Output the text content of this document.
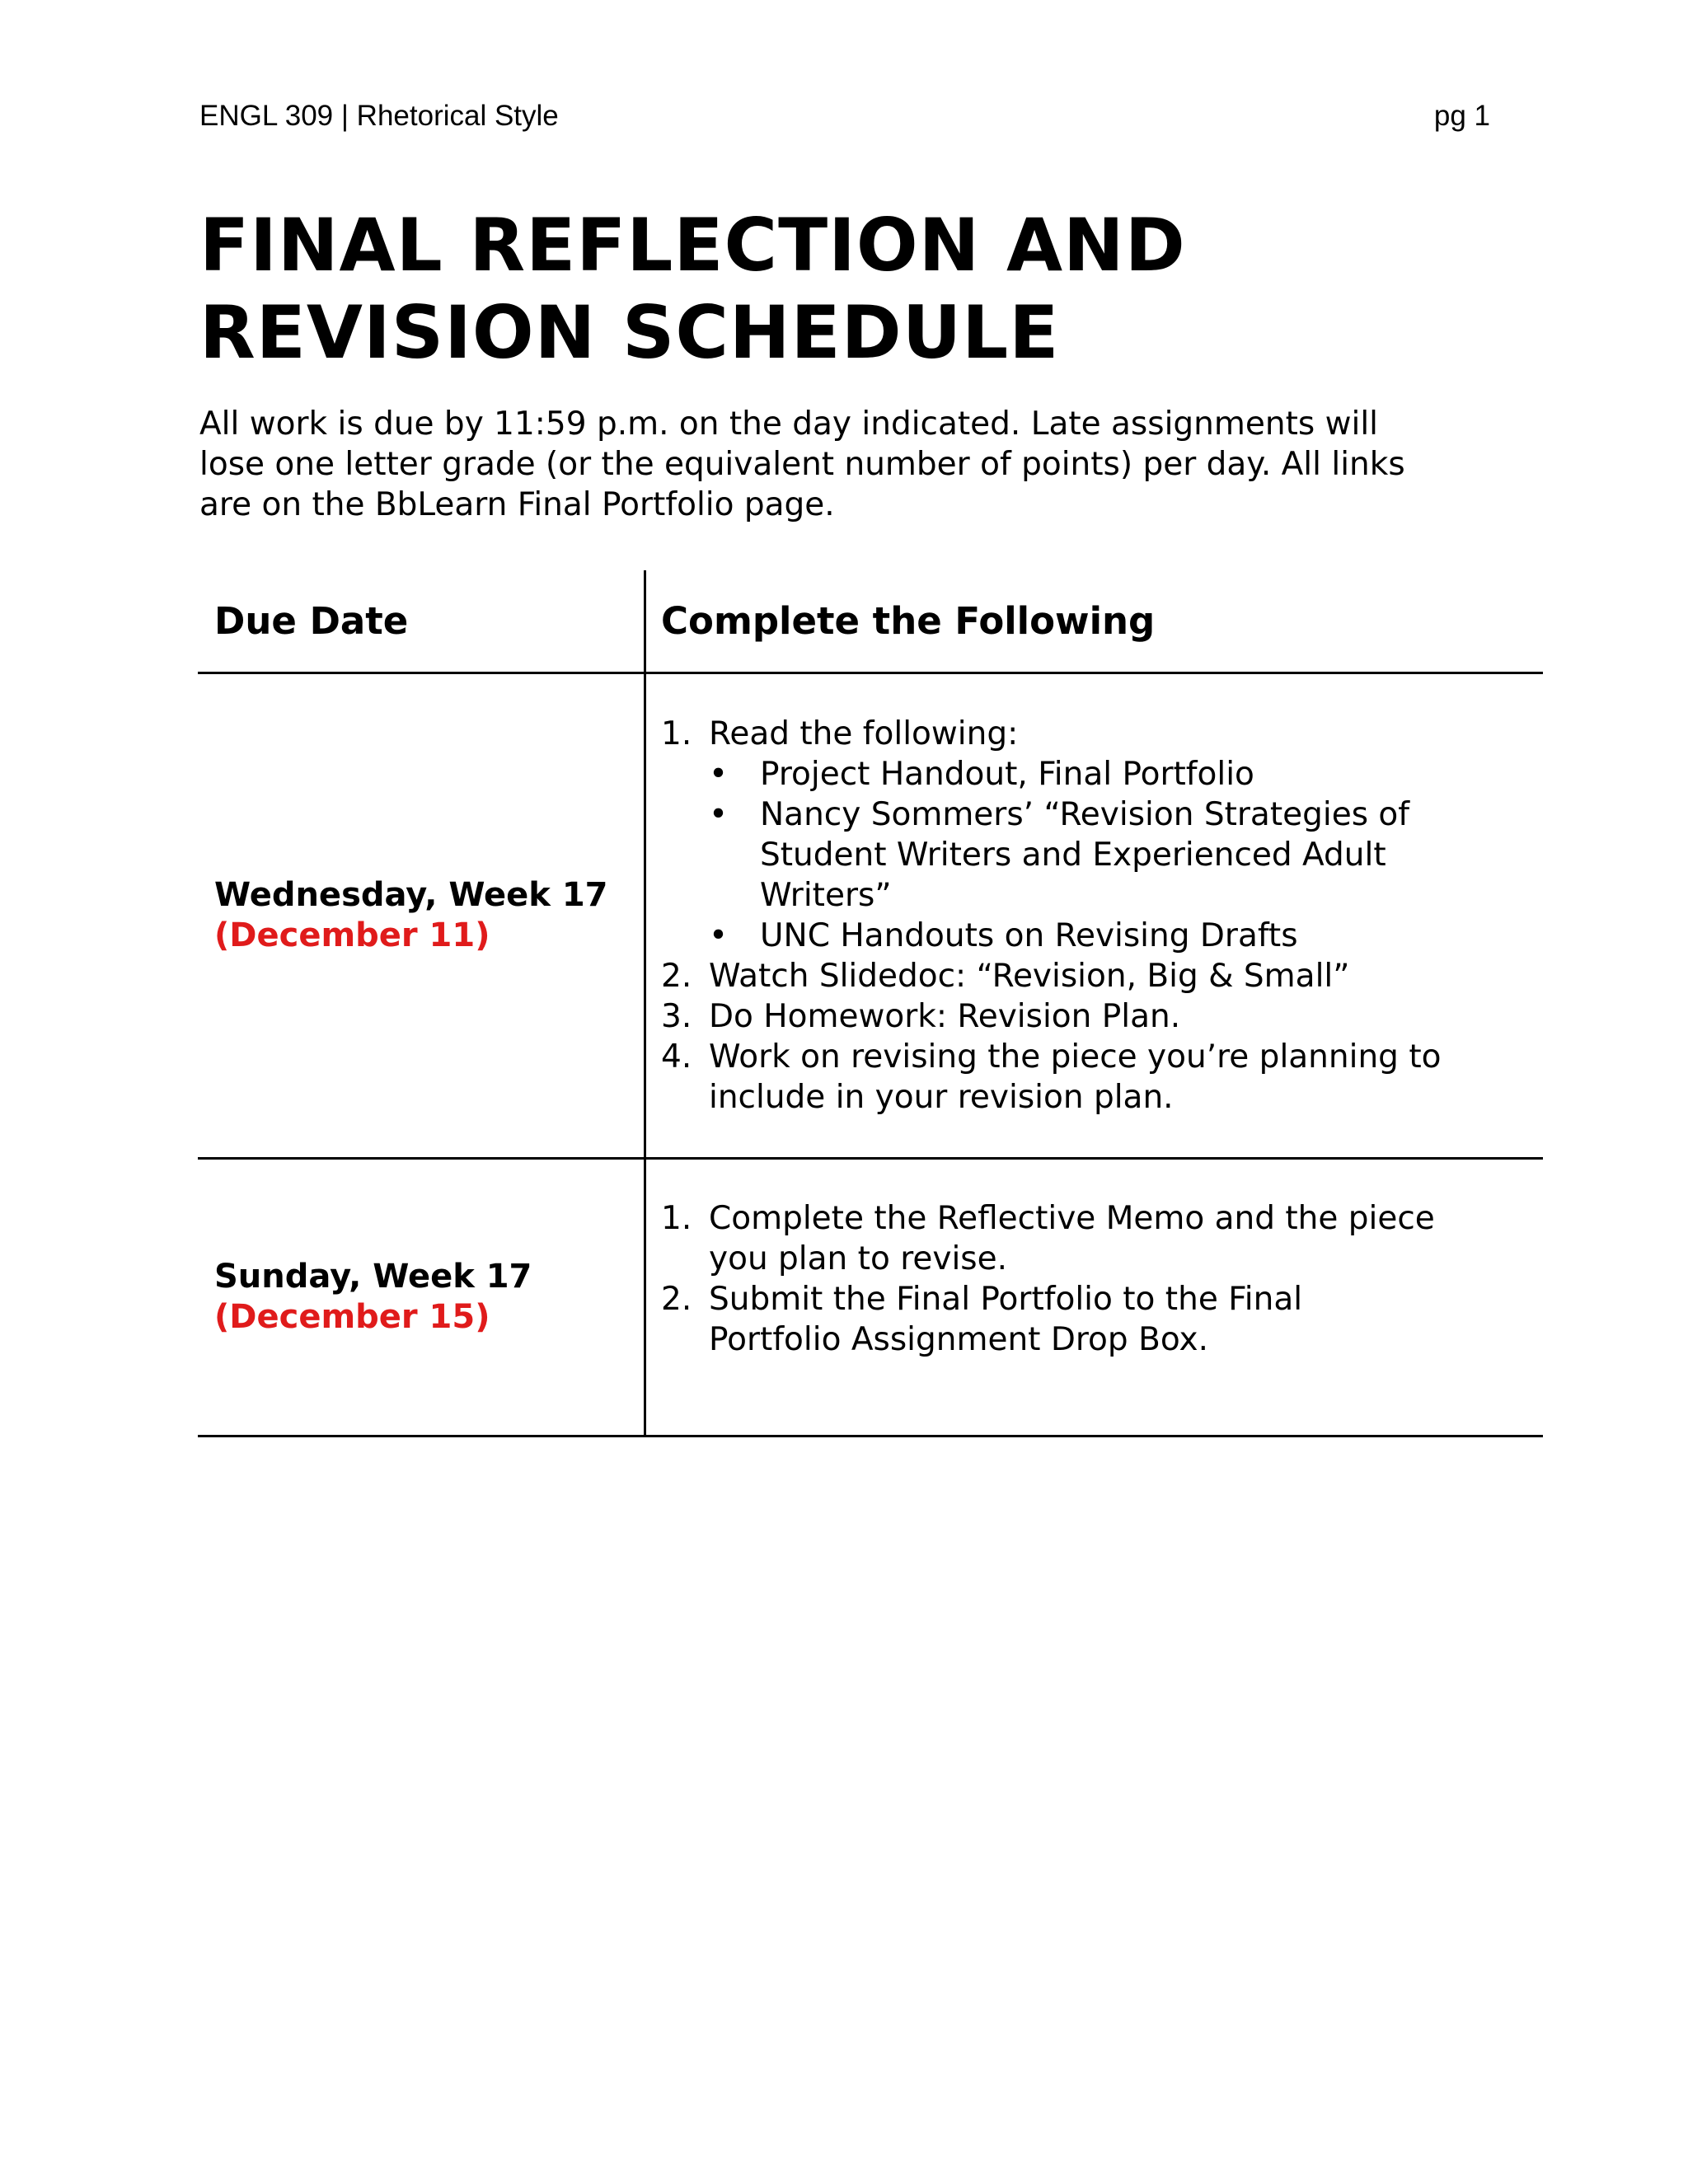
ENGL 309 | Rhetorical Style	pg 1
FINAL REFLECTION AND
REVISION SCHEDULE
All work is due by 11:59 p.m. on the day indicated. Late assignments will
lose one letter grade (or the equivalent number of points) per day. All links
are on the BbLearn Final Portfolio page.
Due Date	Complete the Following
Wednesday, Week 17
(December 11)
1. Read the following:
• Project Handout, Final Portfolio
• Nancy Sommers’ “Revision Strategies of
Student Writers and Experienced Adult
Writers”
• UNC Handouts on Revising Drafts
2. Watch Slidedoc: “Revision, Big & Small”
3. Do Homework: Revision Plan.
4. Work on revising the piece you’re planning to
include in your revision plan.
Sunday, Week 17
(December 15)
1. Complete the Reflective Memo and the piece
you plan to revise.
2. Submit the Final Portfolio to the Final
Portfolio Assignment Drop Box.
